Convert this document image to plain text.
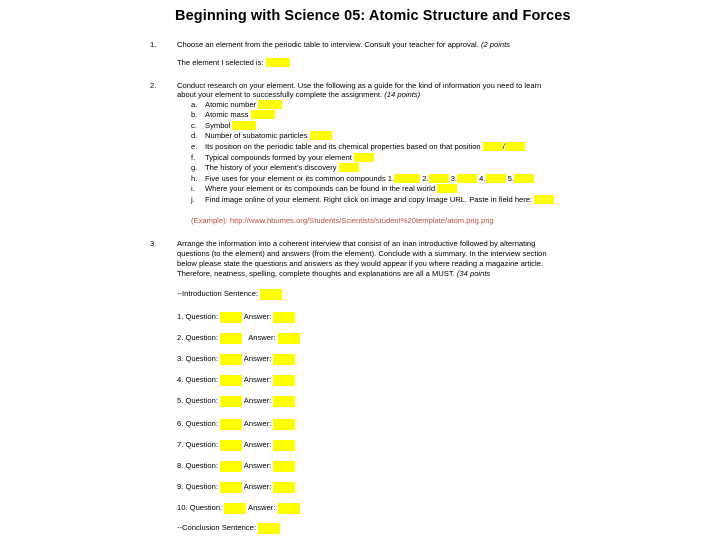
Beginning with Science 05: Atomic Structure and Forces
1.	Choose an element from the periodic table to interview. Consult your teacher for approval. (2 points
The element I selected is:
2.	Conduct research on your element. Use the following as a guide for the kind of information you need to learn
about your element to successfully complete the assignment. (14 points)
a. Atomic number
b. Atomic mass
c. Symbol
d. Number of subatomic particles
e. Its position on the periodic table and its chemical properties based on that position	/
f. Typical compounds formed by your element
g. The history of your element’s discovery
h. Five uses for your element or its common compounds 1.	2.	3.	4.	5.
i. Where your element or its compounds can be found in the real world
j. Find image online of your element. Right click on image and copy Image URL. Paste in field here:
(Example): http://www.hbumes.org/Students/Scientists/student%20template/atom.png.png
3.	Arrange the information into a coherent interview that consist of an inan introductive followed by alternating
questions (to the element) and answers (from the element). Conclude with a summary. In the interview section
below please state the questions and answers as they would appear if you where reading a magazine article.
Therefore, neatness, spelling, complete thoughts and explanations are all a MUST. (34 points
--Introduction Sentence:
1. Question:	Answer:
2. Question:	Answer:
3. Question:	Answer:
4. Question:	Answer:
5. Question:	Answer:
6. Question:	Answer:
7. Question:	Answer:
8. Question:	Answer:
9. Question:	Answer:
10. Question:	Answer:
--Conclusion Sentence:
